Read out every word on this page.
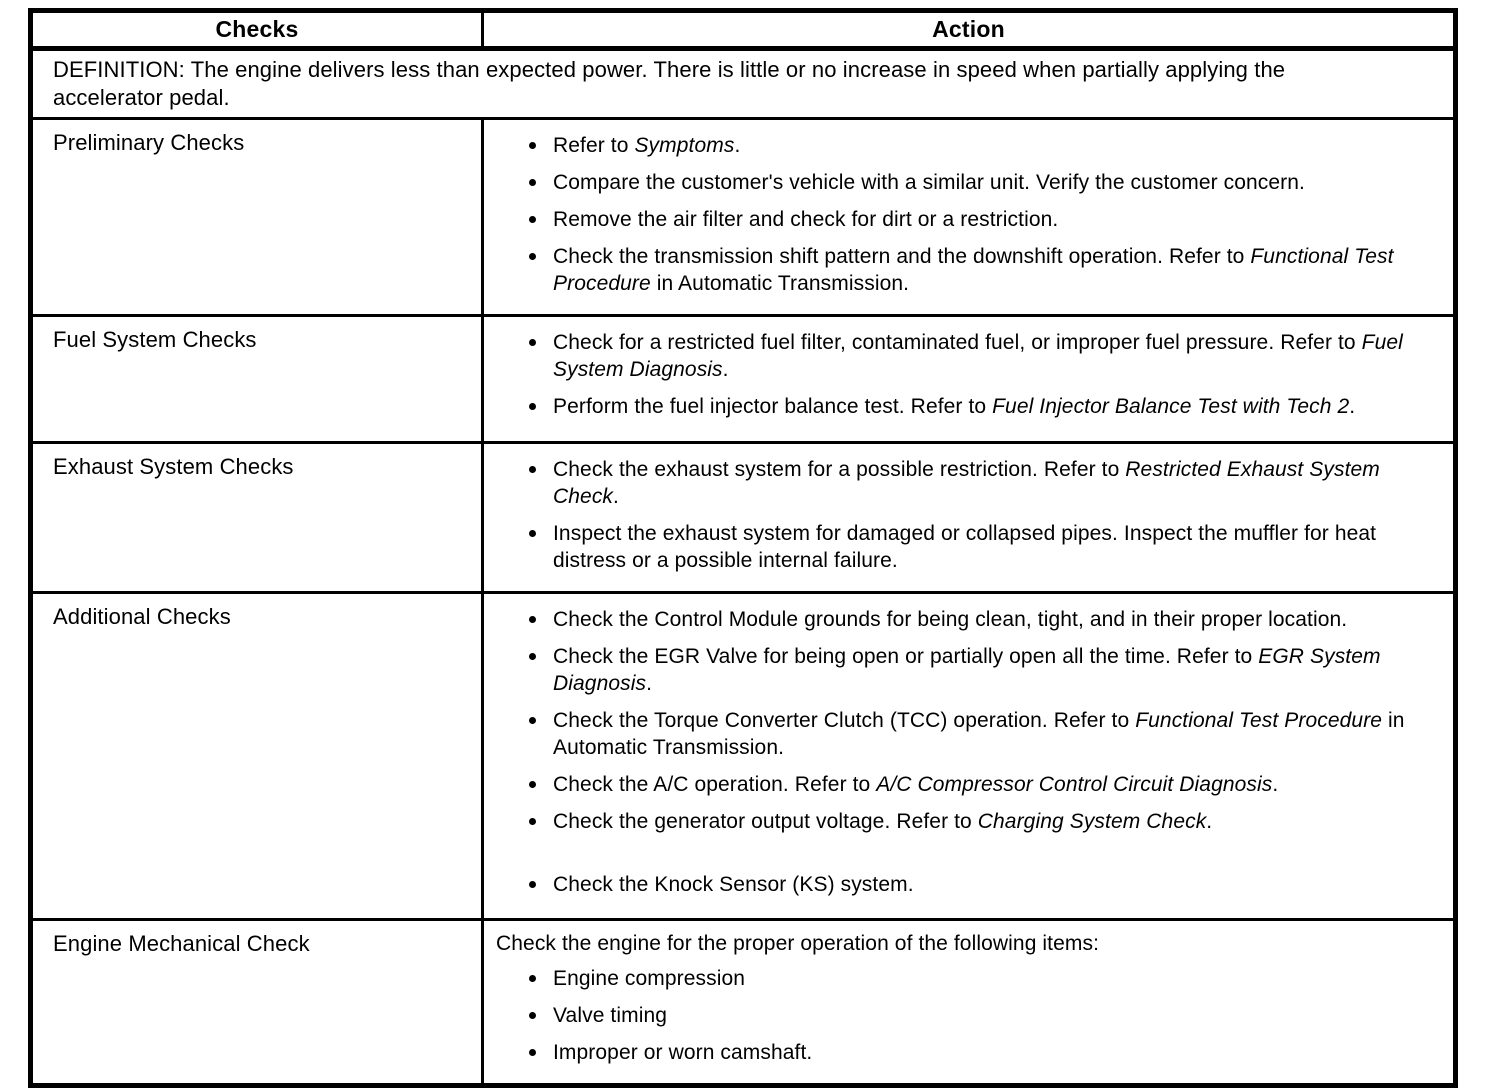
Checks	Action
DEFINITION: The engine delivers less than expected power. There is little or no increase in speed when partially applying the accelerator pedal.	
Preliminary Checks	Refer to Symptoms.
Compare the customer's vehicle with a similar unit. Verify the customer concern.
Remove the air filter and check for dirt or a restriction.
Check the transmission shift pattern and the downshift operation. Refer to Functional Test Procedure in Automatic Transmission.

Fuel System Checks	Check for a restricted fuel filter, contaminated fuel, or improper fuel pressure. Refer to Fuel System Diagnosis.
Perform the fuel injector balance test. Refer to Fuel Injector Balance Test with Tech 2.

Exhaust System Checks	Check the exhaust system for a possible restriction. Refer to Restricted Exhaust System Check.
Inspect the exhaust system for damaged or collapsed pipes. Inspect the muffler for heat distress or a possible internal failure.

Additional Checks	Check the Control Module grounds for being clean, tight, and in their proper location.
Check the EGR Valve for being open or partially open all the time. Refer to EGR System Diagnosis.
Check the Torque Converter Clutch (TCC) operation. Refer to Functional Test Procedure in Automatic Transmission.
Check the A/C operation. Refer to A/C Compressor Control Circuit Diagnosis.
Check the generator output voltage. Refer to Charging System Check.
Check the Knock Sensor (KS) system.

Engine Mechanical Check	Check the engine for the proper operation of the following items:
Engine compression
Valve timing
Improper or worn camshaft.
